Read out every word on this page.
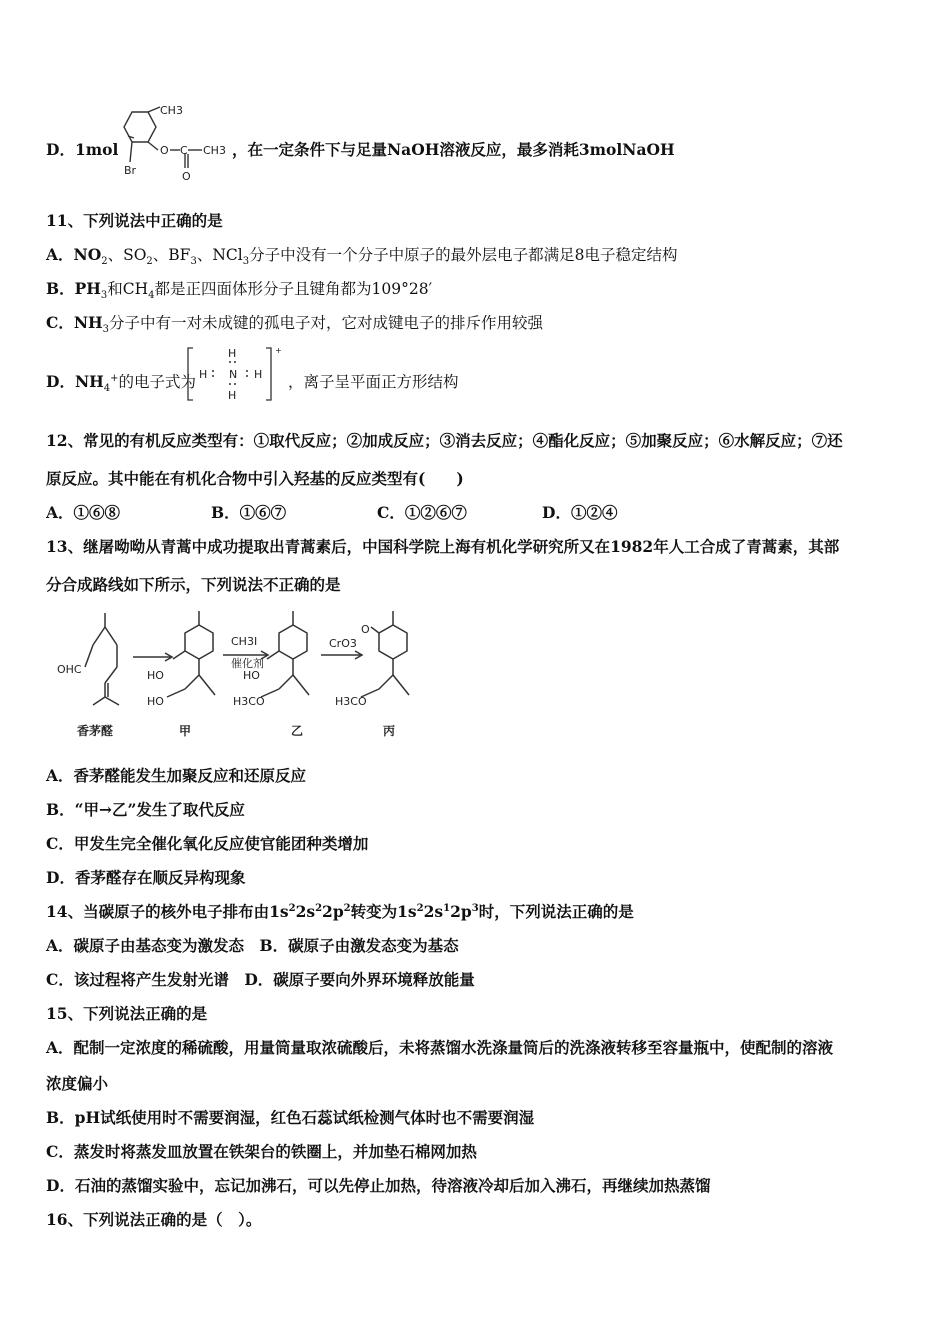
D．1mol
CH3
Br
O C CH3
O
，在一定条件下与足量NaOH溶液反应，最多消耗3molNaOH
11、下列说法中正确的是
A．$NO_2$、$SO_2$、$BF_3$、NCl$_3$分子中没有一个分子中原子的最外层电子都满足8电子稳定结构
B．$PH_3$和$CH_4$都是正四面体形分子且键角都为109°28′
C．$NH_3$分子中有一对未成键的孤电子对，它对成键电子的排斥作用较强
D．$NH_4^+$的电子式为
H
H N H
H
+
，离子呈平面正方形结构
12、常见的有机反应类型有：①取代反应；②加成反应；③消去反应；④酯化反应；⑤加聚反应；⑥水解反应；⑦还
原反应。其中能在有机化合物中引入羟基的反应类型有(　　)
A．①⑥⑧	B．①⑥⑦	C．①②⑥⑦	D．①②④
13、继屠呦呦从青蒿中成功提取出青蒿素后，中国科学院上海有机化学研究所又在1982年人工合成了青蒿素，其部
分合成路线如下所示，下列说法不正确的是
OHC	HO
HO
CH3I
催化剂
HO
H3CO
CrO3
O
H3CO
香茅醛	甲	乙	丙
A．香茅醛能发生加聚反应和还原反应
B．“甲→乙”发生了取代反应
C．甲发生完全催化氧化反应使官能团种类增加
D．香茅醛存在顺反异构现象
14、当碳原子的核外电子排布由$1s^22s^22p^2$转变为$1s^22s^12p^3$时，下列说法正确的是
A．碳原子由基态变为激发态　B．碳原子由激发态变为基态
C．该过程将产生发射光谱　D．碳原子要向外界环境释放能量
15、下列说法正确的是
A．配制一定浓度的稀硫酸，用量筒量取浓硫酸后，未将蒸馏水洗涤量筒后的洗涤液转移至容量瓶中，使配制的溶液
浓度偏小
B．pH试纸使用时不需要润湿，红色石蕊试纸检测气体时也不需要润湿
C．蒸发时将蒸发皿放置在铁架台的铁圈上，并加垫石棉网加热
D．石油的蒸馏实验中，忘记加沸石，可以先停止加热，待溶液冷却后加入沸石，再继续加热蒸馏
16、下列说法正确的是（　）。
